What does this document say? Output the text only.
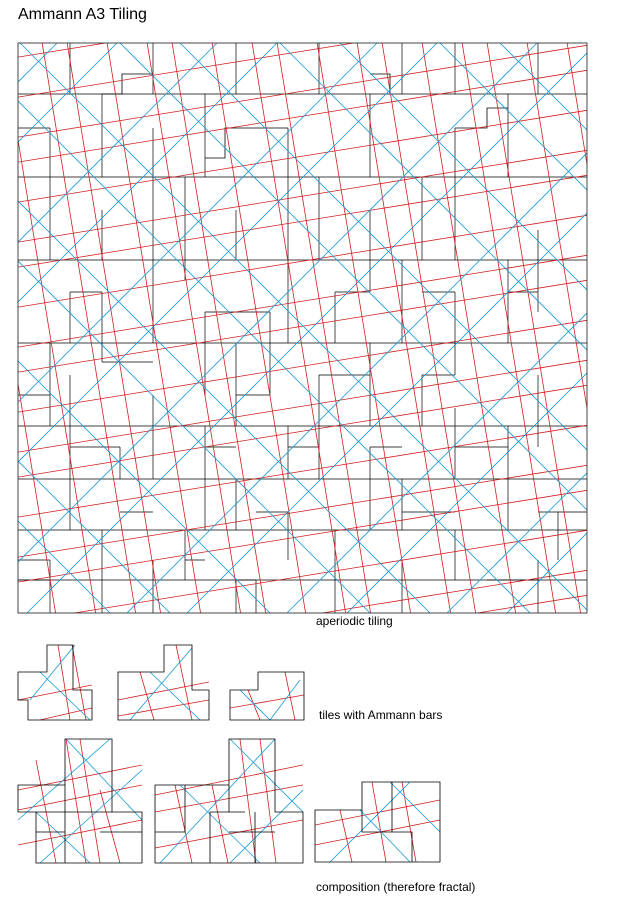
Ammann A3 Tiling
aperiodic tiling
tiles with Ammann bars
composition (therefore fractal)
